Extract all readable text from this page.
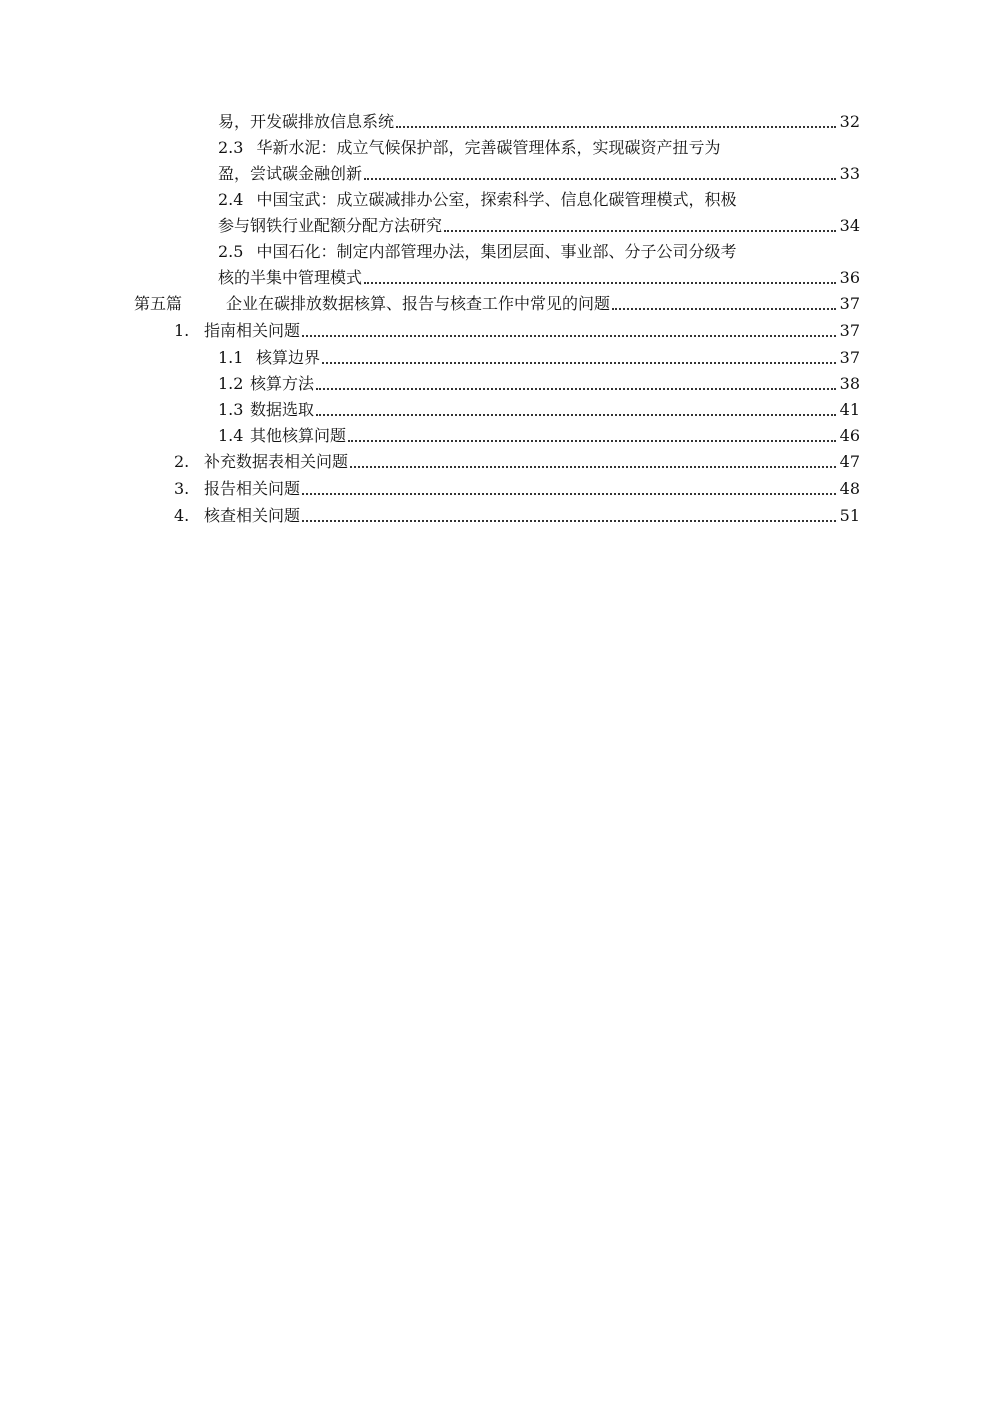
易，开发碳排放信息系统	32
2.3 华新水泥：成立气候保护部，完善碳管理体系，实现碳资产扭亏为
盈，尝试碳金融创新	33
2.4 中国宝武：成立碳减排办公室，探索科学、信息化碳管理模式，积极
参与钢铁行业配额分配方法研究	34
2.5 中国石化：制定内部管理办法，集团层面、事业部、分子公司分级考
核的半集中管理模式	36
第五篇	企业在碳排放数据核算、报告与核查工作中常见的问题	37
1. 指南相关问题	37
1.1 核算边界	37
1.2 核算方法	38
1.3 数据选取	41
1.4 其他核算问题	46
2. 补充数据表相关问题	47
3. 报告相关问题	48
4. 核查相关问题	51
